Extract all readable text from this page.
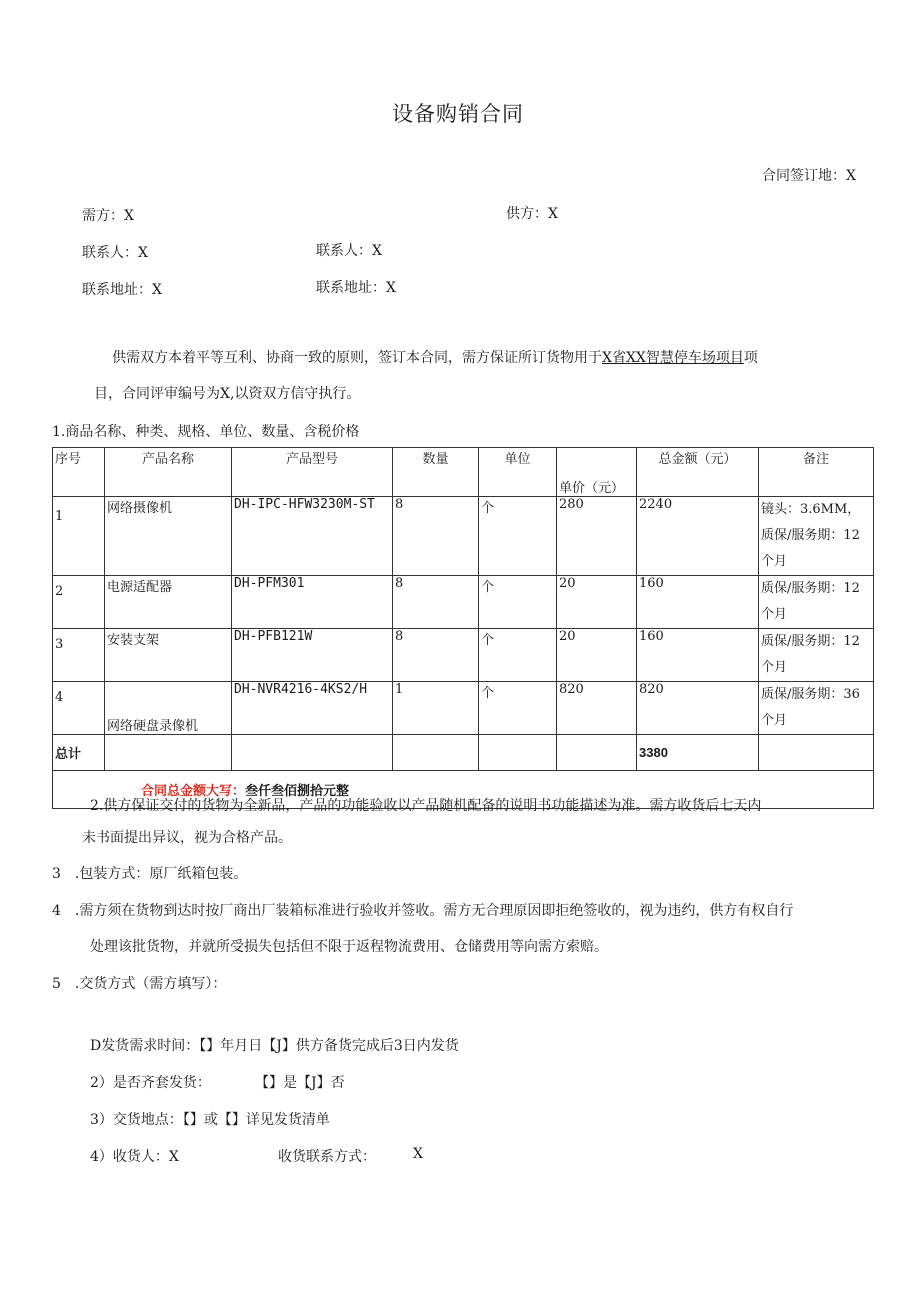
设备购销合同
合同签订地：X
需方：X	供方：X
联系人：X	联系人：X
联系地址：X	联系地址：X
供需双方本着平等互利、协商一致的原则，签订本合同，需方保证所订货物用于X省XX智慧停车场项目项
目，合同评审编号为X,以资双方信守执行。
1.商品名称、种类、规格、单位、数量、含税价格
序号	产品名称	产品型号	数量	单位	单价（元）	总金额（元）	备注
1	网络摄像机	DH-IPC-HFW3230M-ST	8	个	280	2240	镜头：3.6MM，质保/服务期：12个月
2	电源适配器	DH-PFM301	8	个	20	160	质保/服务期：12个月
3	安装支架	DH-PFB121W	8	个	20	160	质保/服务期：12个月
4	网络硬盘录像机	DH-NVR4216-4KS2/H	1	个	820	820	质保/服务期：36个月
总计						3380	
合同总金额大写：叁仟叁佰捌拾元整							
2.供方保证交付的货物为全新品，产品的功能验收以产品随机配备的说明书功能描述为准。需方收货后七天内
未书面提出异议，视为合格产品。
3　.包装方式：原厂纸箱包装。
4　.需方须在货物到达时按厂商出厂装箱标准进行验收并签收。需方无合理原因即拒绝签收的，视为违约，供方有权自行
处理该批货物，并就所受损失包括但不限于返程物流费用、仓储费用等向需方索赔。
5　.交货方式（需方填写）：
D发货需求时间：【】年月日【J】供方备货完成后3日内发货
2）是否齐套发货：	【】是【J】否
3）交货地点：【】或【】详见发货清单
4）收货人：X	收货联系方式：	X
